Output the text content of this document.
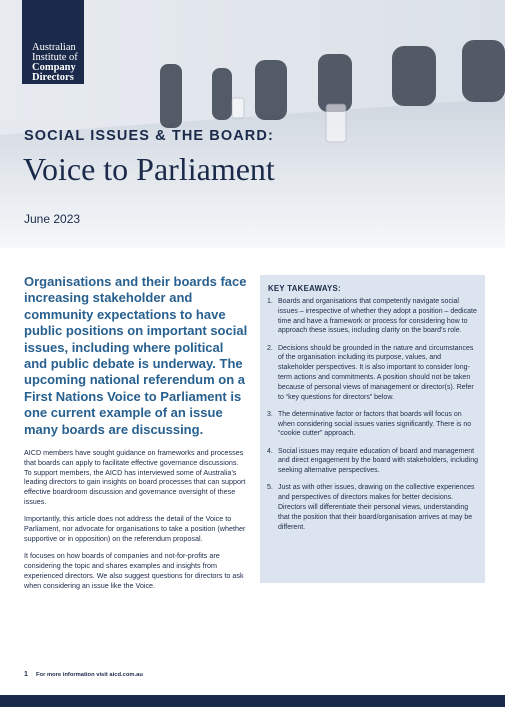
Australian
Institute of
Company
Directors
SOCIAL ISSUES & THE BOARD:
Voice to Parliament
June 2023
Organisations and their boards face increasing stakeholder and community expectations to have public positions on important social issues, including where political and public debate is underway. The upcoming national referendum on a First Nations Voice to Parliament is one current example of an issue many boards are discussing.

AICD members have sought guidance on frameworks and processes that boards can apply to facilitate effective governance discussions. To support members, the AICD has interviewed some of Australia’s leading directors to gain insights on board processes that can support effective boardroom discussion and governance oversight of these issues.

Importantly, this article does not address the detail of the Voice to Parliament, nor advocate for organisations to take a position (whether supportive or in opposition) on the referendum proposal.

It focuses on how boards of companies and not-for-profits are considering the topic and shares examples and insights from experienced directors. We also suggest questions for directors to ask when considering an issue like the Voice.

KEY TAKEAWAYS:
1. Boards and organisations that competently navigate social issues – irrespective of whether they adopt a position – dedicate time and have a framework or process for considering how to approach these issues, including clarity on the board’s role.
2. Decisions should be grounded in the nature and circumstances of the organisation including its purpose, values, and stakeholder perspectives. It is also important to consider long-term actions and commitments. A position should not be taken because of personal views of management or director(s). Refer to “key questions for directors” below.
3. The determinative factor or factors that boards will focus on when considering social issues varies significantly. There is no “cookie cutter” approach.
4. Social issues may require education of board and management and direct engagement by the board with stakeholders, including seeking alternative perspectives.
5. Just as with other issues, drawing on the collective experiences and perspectives of directors makes for better decisions. Directors will differentiate their personal views, understanding that the position that their board/organisation arrives at may be different.
1 For more information visit aicd.com.au
